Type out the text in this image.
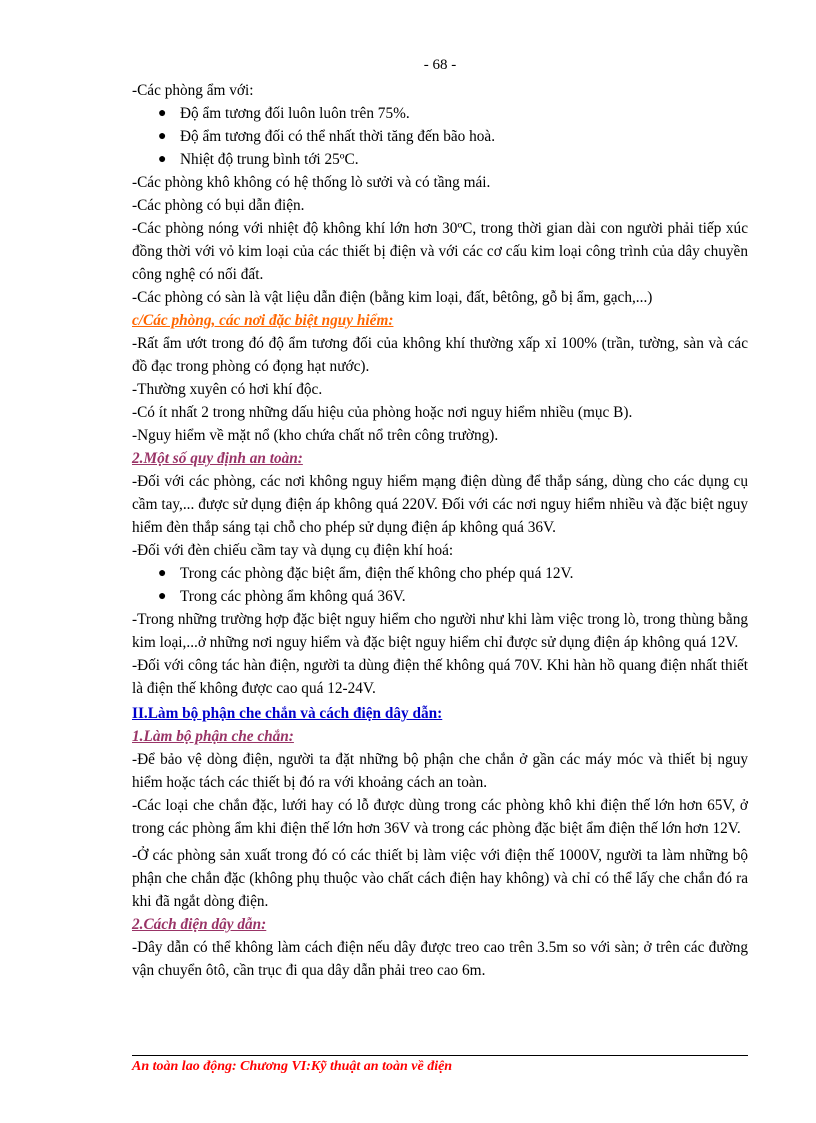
- 68 -
-Các phòng ẩm với:
● Độ ẩm tương đối luôn luôn trên 75%.
● Độ ẩm tương đối có thể nhất thời tăng đến bão hoà.
● Nhiệt độ trung bình tới 25ºC.
-Các phòng khô không có hệ thống lò sưởi và có tầng mái.
-Các phòng có bụi dẫn điện.
-Các phòng nóng với nhiệt độ không khí lớn hơn 30ºC, trong thời gian dài con người phải tiếp xúc đồng thời với vỏ kim loại của các thiết bị điện và với các cơ cấu kim loại công trình của dây chuyền công nghệ có nối đất.
-Các phòng có sàn là vật liệu dẫn điện (bằng kim loại, đất, bêtông, gỗ bị ẩm, gạch,...)
c/Các phòng, các nơi đặc biệt nguy hiểm:
-Rất ẩm ướt trong đó độ ẩm tương đối của không khí thường xấp xỉ 100% (trần, tường, sàn và các đồ đạc trong phòng có đọng hạt nước).
-Thường xuyên có hơi khí độc.
-Có ít nhất 2 trong những dấu hiệu của phòng hoặc nơi nguy hiểm nhiều (mục B).
-Nguy hiểm về mặt nổ (kho chứa chất nổ trên công trường).
2.Một số quy định an toàn:
-Đối với các phòng, các nơi không nguy hiểm mạng điện dùng để thắp sáng, dùng cho các dụng cụ cầm tay,... được sử dụng điện áp không quá 220V. Đối với các nơi nguy hiểm nhiều và đặc biệt nguy hiểm đèn thắp sáng tại chỗ cho phép sử dụng điện áp không quá 36V.
-Đối với đèn chiếu cầm tay và dụng cụ điện khí hoá:
● Trong các phòng đặc biệt ẩm, điện thế không cho phép quá 12V.
● Trong các phòng ẩm không quá 36V.
-Trong những trường hợp đặc biệt nguy hiểm cho người như khi làm việc trong lò, trong thùng bằng kim loại,...ở những nơi nguy hiểm và đặc biệt nguy hiểm chỉ được sử dụng điện áp không quá 12V.
-Đối với công tác hàn điện, người ta dùng điện thế không quá 70V. Khi hàn hồ quang điện nhất thiết là điện thế không được cao quá 12-24V.
II.Làm bộ phận che chắn và cách điện dây dẫn:
1.Làm bộ phận che chắn:
-Để bảo vệ dòng điện, người ta đặt những bộ phận che chắn ở gần các máy móc và thiết bị nguy hiểm hoặc tách các thiết bị đó ra với khoảng cách an toàn.
-Các loại che chắn đặc, lưới hay có lỗ được dùng trong các phòng khô khi điện thế lớn hơn 65V, ở trong các phòng ẩm khi điện thế lớn hơn 36V và trong các phòng đặc biệt ẩm điện thế lớn hơn 12V.
-Ở các phòng sản xuất trong đó có các thiết bị làm việc với điện thế 1000V, người ta làm những bộ phận che chắn đặc (không phụ thuộc vào chất cách điện hay không) và chỉ có thể lấy che chắn đó ra khi đã ngắt dòng điện.
2.Cách điện dây dẫn:
-Dây dẫn có thể không làm cách điện nếu dây được treo cao trên 3.5m so với sàn; ở trên các đường vận chuyển ôtô, cần trục đi qua dây dẫn phải treo cao 6m.
An toàn lao động: Chương VI:Kỹ thuật an toàn về điện
